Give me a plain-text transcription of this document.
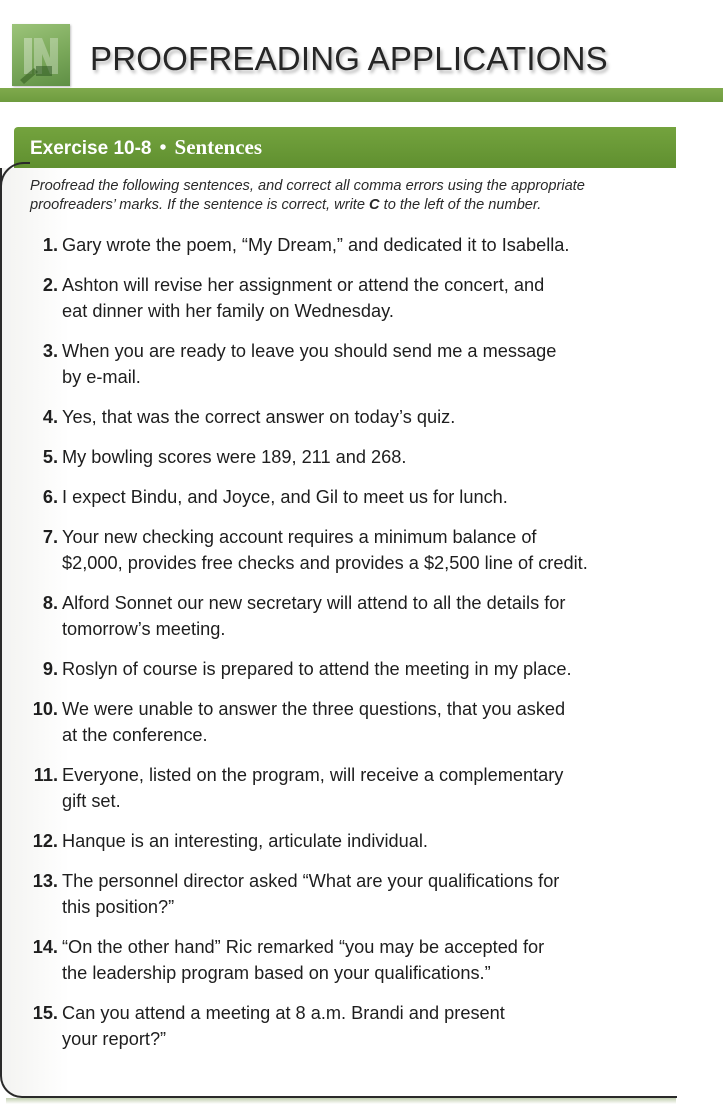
PROOFREADING APPLICATIONS
Exercise 10-8 • Sentences
Proofread the following sentences, and correct all comma errors using the appropriate proofreaders’ marks. If the sentence is correct, write C to the left of the number.
1. Gary wrote the poem, “My Dream,” and dedicated it to Isabella.
2. Ashton will revise her assignment or attend the concert, and
eat dinner with her family on Wednesday.
3. When you are ready to leave you should send me a message
by e-mail.
4. Yes, that was the correct answer on today’s quiz.
5. My bowling scores were 189, 211 and 268.
6. I expect Bindu, and Joyce, and Gil to meet us for lunch.
7. Your new checking account requires a minimum balance of
$2,000, provides free checks and provides a $2,500 line of credit.
8. Alford Sonnet our new secretary will attend to all the details for
tomorrow’s meeting.
9. Roslyn of course is prepared to attend the meeting in my place.
10. We were unable to answer the three questions, that you asked
at the conference.
11. Everyone, listed on the program, will receive a complementary
gift set.
12. Hanque is an interesting, articulate individual.
13. The personnel director asked “What are your qualifications for
this position?”
14. “On the other hand” Ric remarked “you may be accepted for
the leadership program based on your qualifications.”
15. Can you attend a meeting at 8 a.m. Brandi and present
your report?”
